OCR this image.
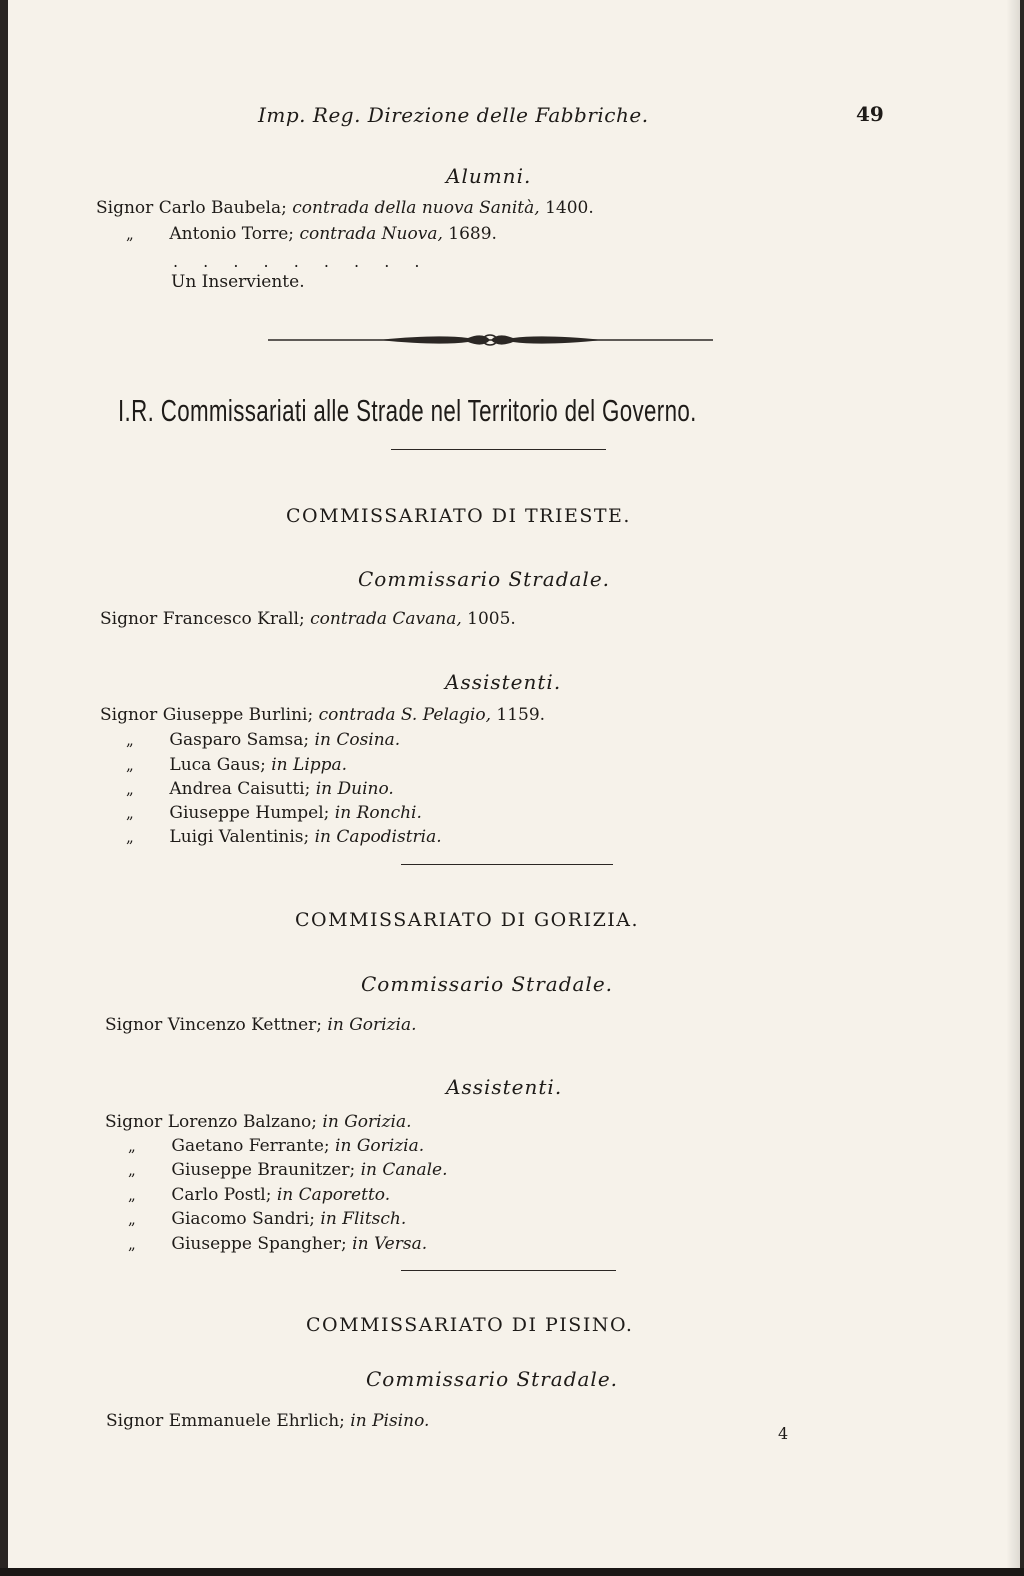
Imp. Reg. Direzione delle Fabbriche.	49
Alumni.
Signor Carlo Baubela; contrada della nuova Sanità, 1400.
„ Antonio Torre; contrada Nuova, 1689.
. . . . . . . . .
Un Inserviente.
I.R. Commissariati alle Strade nel Territorio del Governo.
COMMISSARIATO DI TRIESTE.
Commissario Stradale.
Signor Francesco Krall; contrada Cavana, 1005.
Assistenti.
Signor Giuseppe Burlini; contrada S. Pelagio, 1159.
„ Gasparo Samsa; in Cosina.
„ Luca Gaus; in Lippa.
„ Andrea Caisutti; in Duino.
„ Giuseppe Humpel; in Ronchi.
„ Luigi Valentinis; in Capodistria.
COMMISSARIATO DI GORIZIA.
Commissario Stradale.
Signor Vincenzo Kettner; in Gorizia.
Assistenti.
Signor Lorenzo Balzano; in Gorizia.
„ Gaetano Ferrante; in Gorizia.
„ Giuseppe Braunitzer; in Canale.
„ Carlo Postl; in Caporetto.
„ Giacomo Sandri; in Flitsch.
„ Giuseppe Spangher; in Versa.
COMMISSARIATO DI PISINO.
Commissario Stradale.
Signor Emmanuele Ehrlich; in Pisino.
4
